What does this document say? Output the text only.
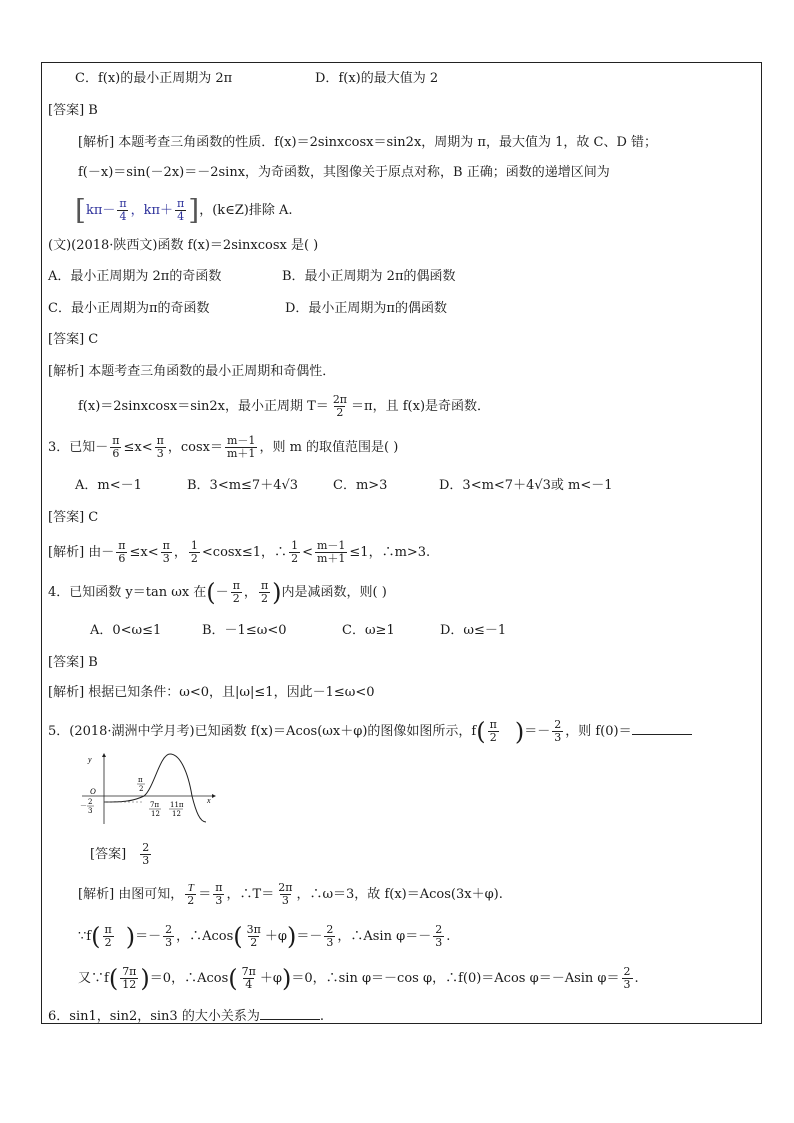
C．f(x)的最小正周期为 2π	D．f(x)的最大值为 2
[答案] B
[解析] 本题考查三角函数的性质．f(x)＝2sinxcosx＝sin2x，周期为 π，最大值为 1，故 C、D 错；
f(－x)＝sin(－2x)＝－2sinx，为奇函数，其图像关于原点对称，B 正确；函数的递增区间为
[$k\pi- \frac{\pi}{4}$ ，$k\pi+ \frac{\pi}{4}$ ]，(k∈Z)排除 A.
(文)(2018·陕西文)函数 f(x)＝2sinxcosx 是( )
A．最小正周期为 2π的奇函数	B．最小正周期为 2π的偶函数
C．最小正周期为π的奇函数	D．最小正周期为π的偶函数
[答案] C
[解析] 本题考查三角函数的最小正周期和奇偶性．
f(x)＝2sinxcosx＝sin2x，最小正周期 $T= \frac{2\pi}{2} =\pi$，且 f(x)是奇函数．
3．已知－ $\frac{\pi}{6} \le x< \frac{\pi}{3}$ ，$\cos x= \frac{m-1}{m+1}$ ，则 m 的取值范围是( )
A．m<－1	B．3<m≤7＋4√3	C．m>3	D．3<m<7＋4√3或 m<－1
[答案] C
[解析] 由－ $\frac{\pi}{6} \le x< \frac{\pi}{3}$ ， $\frac{1}{2} <\cos x\le 1$，∴ $\frac{1}{2} < \frac{m-1}{m+1} \le 1$，∴m>3.
4．已知函数 y＝tan ωx 在(－ $\frac{\pi}{2}$ ， $\frac{\pi}{2}$ )内是减函数，则( )
A．0<ω≤1	B．－1≤ω<0	C．ω≥1	D．ω≤－1
[答案] B
[解析] 根据已知条件：ω<0，且|ω|≤1，因此－1≤ω<0
5．(2018·湖洲中学月考)已知函数 f(x)＝Acos(ωx＋φ)的图像如图所示，$f( \frac{\pi}{2}$ )＝－ $\frac{2}{3}$ ，则 f(0)＝
y
O
x
π
2
－ 2
3
7π
12
11π
12
[答案] $\frac{2}{3}$
[解析] 由图可知， $\frac{T}{2} = \frac{\pi}{3}$ ，∴T＝ $\frac{2\pi}{3}$ ，∴ω＝3，故 f(x)＝Acos(3x＋φ).
∵f( $\frac{\pi}{2}$ )＝－ $\frac{2}{3}$ ，∴Acos( $\frac{3\pi}{2} +\varphi)=- \frac{2}{3}$ ，∴Asin $\varphi=- \frac{2}{3}$ .
又∵f( $\frac{7\pi}{12} )=0$，∴Acos( $\frac{7\pi}{4} +\varphi)=0$，∴sin φ＝－cos φ，∴f(0)＝Acos φ＝－Asin $\varphi= \frac{2}{3}$ .
6．sin1，sin2，sin3 的大小关系为	.
